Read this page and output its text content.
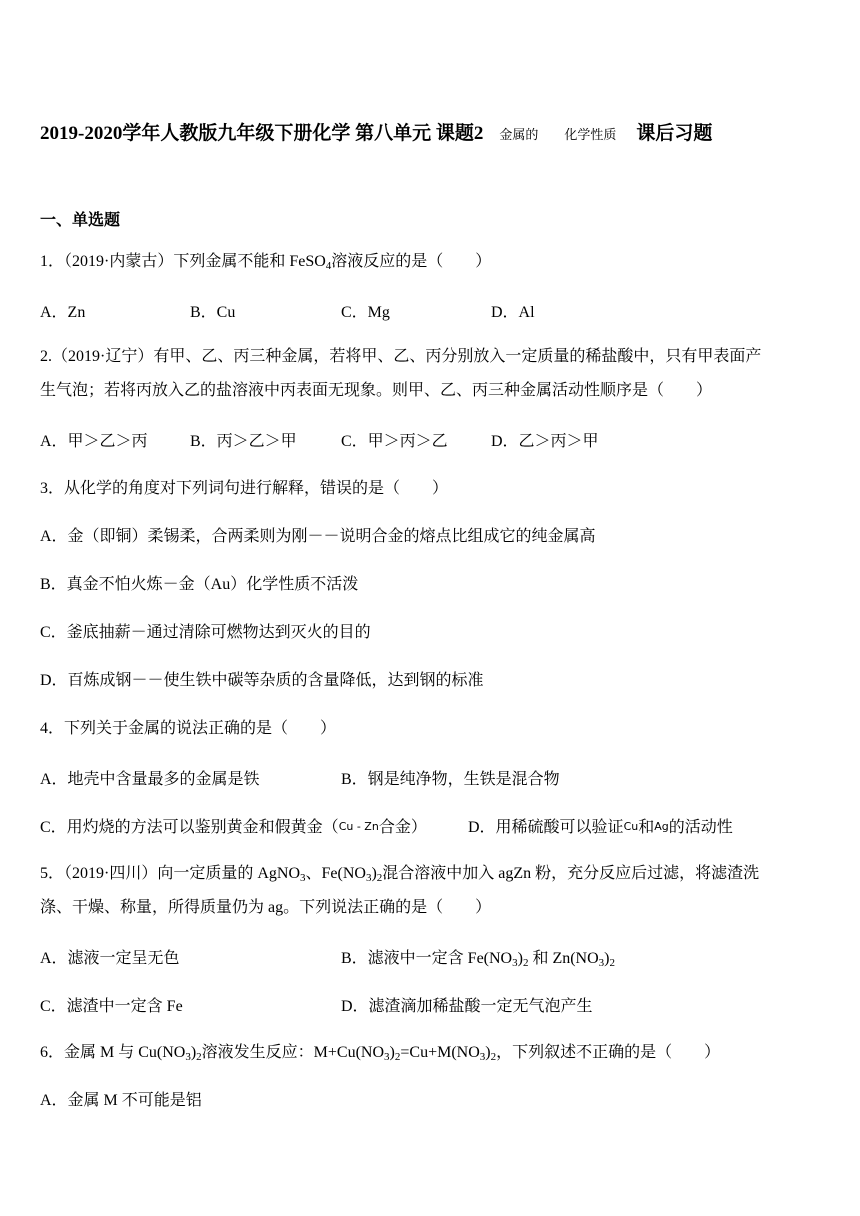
2019-2020学年人教版九年级下册化学 第八单元 课题2 金属的 化学性质 课后习题
一、单选题
1．（2019·内蒙古）下列金属不能和 FeSO$_4$溶液反应的是（　　）
A．Zn	B．Cu	C．Mg	D．Al
2.（2019·辽宁）有甲、乙、丙三种金属，若将甲、乙、丙分别放入一定质量的稀盐酸中，只有甲表面产
生气泡；若将丙放入乙的盐溶液中丙表面无现象。则甲、乙、丙三种金属活动性顺序是（　　）
A．甲＞乙＞丙	B．丙＞乙＞甲	C．甲＞丙＞乙	D．乙＞丙＞甲
3．从化学的角度对下列词句进行解释，错误的是（　　）
A．金（即铜）柔锡柔，合两柔则为刚－－说明合金的熔点比组成它的纯金属高
B．真金不怕火炼－金（Au）化学性质不活泼
C．釜底抽薪－通过清除可燃物达到灭火的目的
D．百炼成钢－－使生铁中碳等杂质的含量降低，达到钢的标准
4．下列关于金属的说法正确的是（　　）
A．地壳中含量最多的金属是铁	B．钢是纯净物，生铁是混合物
C．用灼烧的方法可以鉴别黄金和假黄金（Cu - Zn合金）	D．用稀硫酸可以验证Cu和Ag的活动性
5．（2019·四川）向一定质量的 AgNO$_3$、$Fe(NO_3)_2$混合溶液中加入 agZn 粉，充分反应后过滤，将滤渣洗
涤、干燥、称量，所得质量仍为 ag。下列说法正确的是（　　）
A．滤液一定呈无色	B．滤液中一定含 $Fe(NO_3)_2$ 和 $Zn(NO_3)_2$
C．滤渣中一定含 Fe	D．滤渣滴加稀盐酸一定无气泡产生
6．金属 M 与 $Cu(NO_3)_2$溶液发生反应：$M+Cu(NO_3)_2=Cu+M(NO_3)_2$，下列叙述不正确的是（　　）
A．金属 M 不可能是铝
